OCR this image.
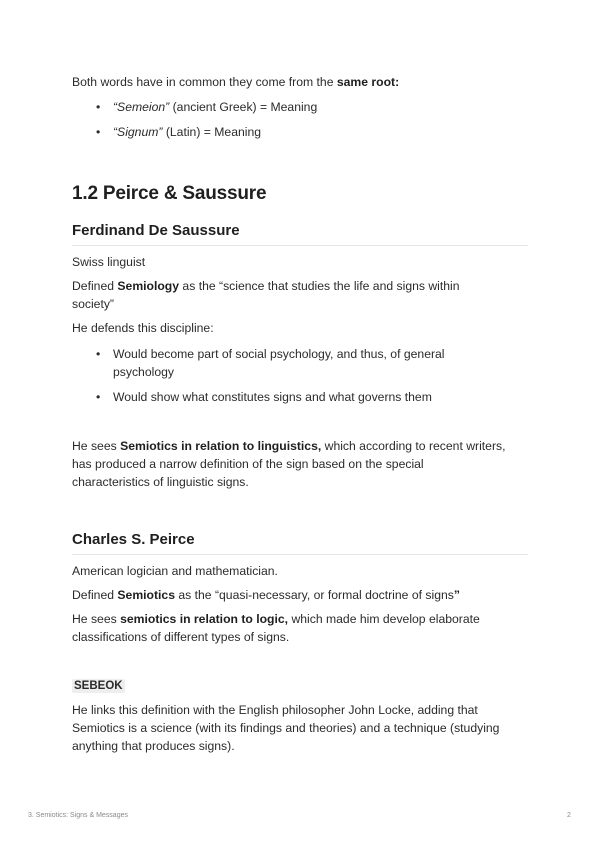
Both words have in common they come from the same root:

• “Semeion” (ancient Greek) = Meaning
• “Signum” (Latin) = Meaning
1.2 Peirce & Saussure
Ferdinand De Saussure

Swiss linguist

Defined Semiology as the “science that studies the life and signs within
society”

He defends this discipline:

• Would become part of social psychology, and thus, of general
psychology
• Would show what constitutes signs and what governs them

He sees Semiotics in relation to linguistics, which according to recent writers,
has produced a narrow definition of the sign based on the special
characteristics of linguistic signs.

Charles S. Peirce

American logician and mathematician.

Defined Semiotics as the “quasi-necessary, or formal doctrine of signs”

He sees semiotics in relation to logic, which made him develop elaborate
classifications of different types of signs.

SEBEOK

He links this definition with the English philosopher John Locke, adding that
Semiotics is a science (with its findings and theories) and a technique (studying
anything that produces signs).

3. Semiotics: Signs & Messages	2
